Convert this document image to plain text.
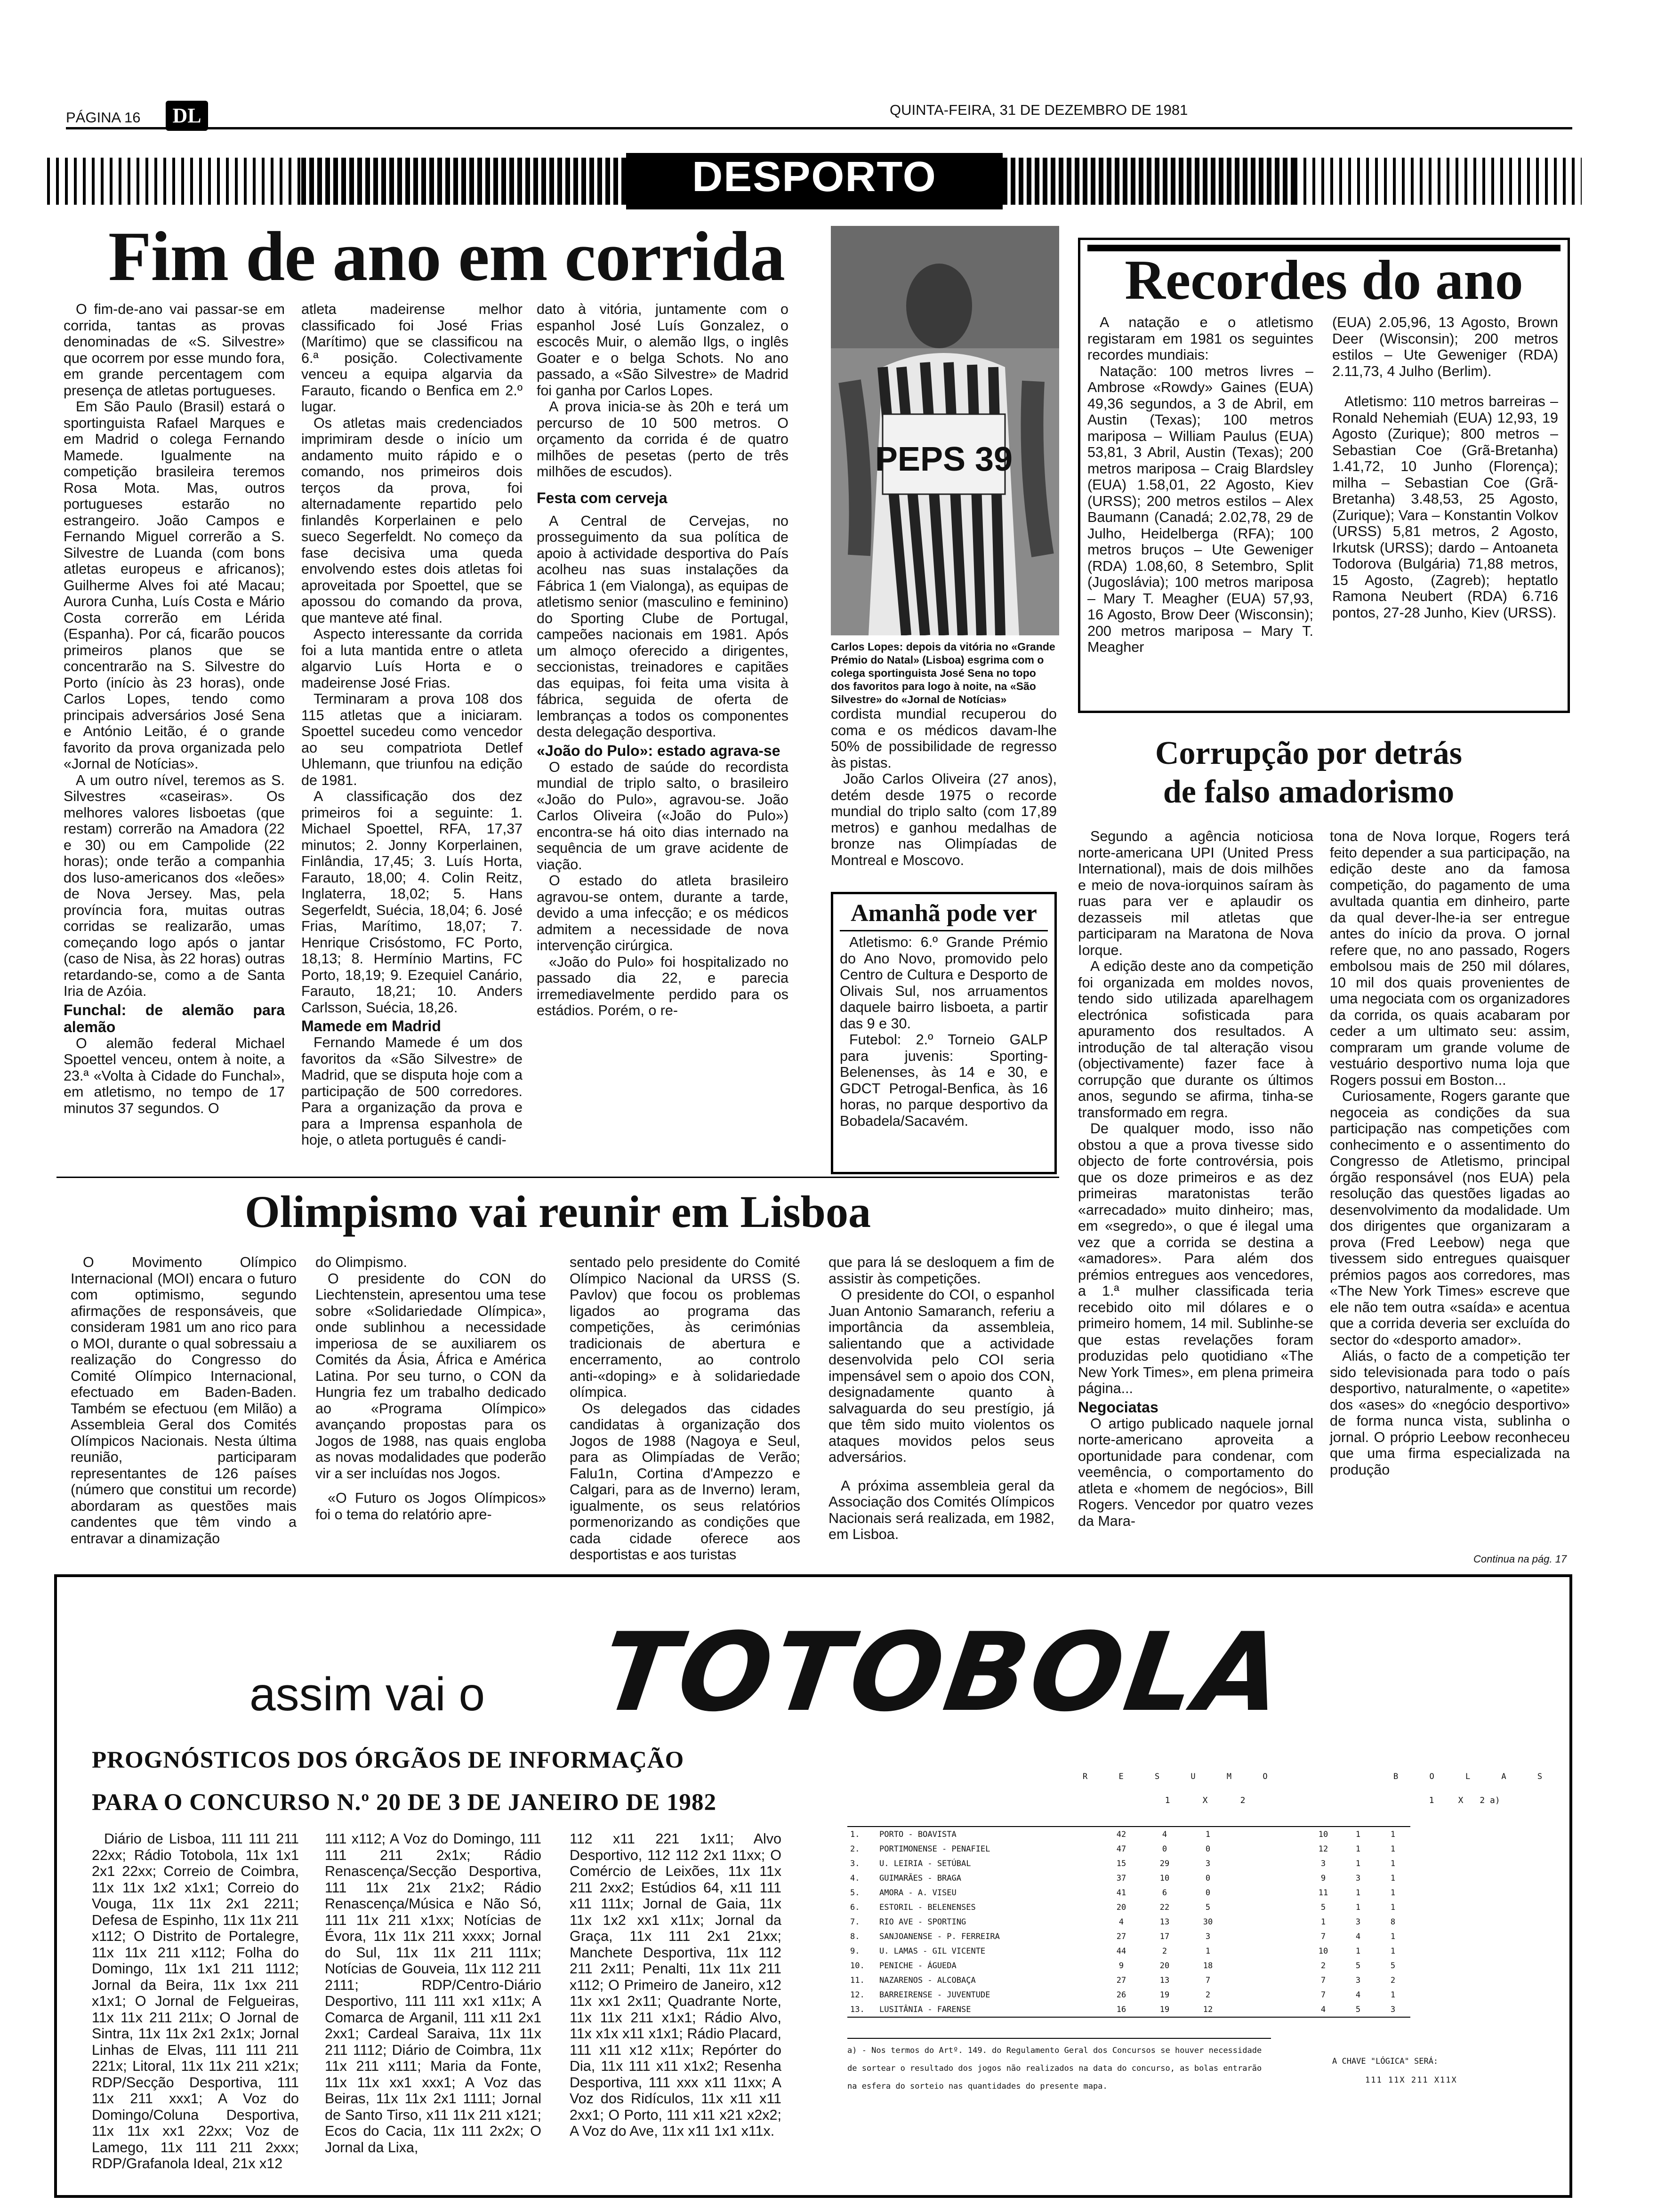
PÁGINA 16	DL	QUINTA-FEIRA, 31 DE DEZEMBRO DE 1981
DESPORTO
Fim de ano em corrida

O fim-de-ano vai passar-se em corrida, tantas as provas denominadas de «S. Silvestre» que ocorrem por esse mundo fora, em grande percentagem com presença de atletas portugueses.

Em São Paulo (Brasil) estará o sportinguista Rafael Marques e em Madrid o colega Fernando Mamede. Igualmente na competição brasileira teremos Rosa Mota. Mas, outros portugueses estarão no estrangeiro. João Campos e Fernando Miguel correrão a S. Silvestre de Luanda (com bons atletas europeus e africanos); Guilherme Alves foi até Macau; Aurora Cunha, Luís Costa e Mário Costa correrão em Lérida (Espanha). Por cá, ficarão poucos primeiros planos que se concentrarão na S. Silvestre do Porto (início às 23 horas), onde Carlos Lopes, tendo como principais adversários José Sena e António Leitão, é o grande favorito da prova organizada pelo «Jornal de Notícias».

A um outro nível, teremos as S. Silvestres «caseiras». Os melhores valores lisboetas (que restam) correrão na Amadora (22 e 30) ou em Campolide (22 horas); onde terão a companhia dos luso-americanos dos «leões» de Nova Jersey. Mas, pela província fora, muitas outras corridas se realizarão, umas começando logo após o jantar (caso de Nisa, às 22 horas) outras retardando-se, como a de Santa Iria de Azóia.

Funchal: de alemão para alemão

O alemão federal Michael Spoettel venceu, ontem à noite, a 23.ª «Volta à Cidade do Funchal», em atletismo, no tempo de 17 minutos 37 segundos. O

atleta madeirense melhor classificado foi José Frias (Marítimo) que se classificou na 6.ª posição. Colectivamente venceu a equipa algarvia da Farauto, ficando o Benfica em 2.º lugar.

Os atletas mais credenciados imprimiram desde o início um andamento muito rápido e o comando, nos primeiros dois terços da prova, foi alternadamente repartido pelo finlandês Korperlainen e pelo sueco Segerfeldt. No começo da fase decisiva uma queda envolvendo estes dois atletas foi aproveitada por Spoettel, que se apossou do comando da prova, que manteve até final.

Aspecto interessante da corrida foi a luta mantida entre o atleta algarvio Luís Horta e o madeirense José Frias.

Terminaram a prova 108 dos 115 atletas que a iniciaram. Spoettel sucedeu como vencedor ao seu compatriota Detlef Uhlemann, que triunfou na edição de 1981.

A classificação dos dez primeiros foi a seguinte: 1. Michael Spoettel, RFA, 17,37 minutos; 2. Jonny Korperlainen, Finlândia, 17,45; 3. Luís Horta, Farauto, 18,00; 4. Colin Reitz, Inglaterra, 18,02; 5. Hans Segerfeldt, Suécia, 18,04; 6. José Frias, Marítimo, 18,07; 7. Henrique Crisóstomo, FC Porto, 18,13; 8. Hermínio Martins, FC Porto, 18,19; 9. Ezequiel Canário, Farauto, 18,21; 10. Anders Carlsson, Suécia, 18,26.

Mamede em Madrid

Fernando Mamede é um dos favoritos da «São Silvestre» de Madrid, que se disputa hoje com a participação de 500 corredores. Para a organização da prova e para a Imprensa espanhola de hoje, o atleta português é candi-

dato à vitória, juntamente com o espanhol José Luís Gonzalez, o escocês Muir, o alemão Ilgs, o inglês Goater e o belga Schots. No ano passado, a «São Silvestre» de Madrid foi ganha por Carlos Lopes.

A prova inicia-se às 20h e terá um percurso de 10 500 metros. O orçamento da corrida é de quatro milhões de pesetas (perto de três milhões de escudos).

Festa com cerveja

A Central de Cervejas, no prosseguimento da sua política de apoio à actividade desportiva do País acolheu nas suas instalações da Fábrica 1 (em Vialonga), as equipas de atletismo senior (masculino e feminino) do Sporting Clube de Portugal, campeões nacionais em 1981. Após um almoço oferecido a dirigentes, seccionistas, treinadores e capitães das equipas, foi feita uma visita à fábrica, seguida de oferta de lembranças a todos os componentes desta delegação desportiva.

«João do Pulo»: estado agrava-se

O estado de saúde do recordista mundial de triplo salto, o brasileiro «João do Pulo», agravou-se. João Carlos Oliveira («João do Pulo») encontra-se há oito dias internado na sequência de um grave acidente de viação.

O estado do atleta brasileiro agravou-se ontem, durante a tarde, devido a uma infecção; e os médicos admitem a necessidade de nova intervenção cirúrgica.

«João do Pulo» foi hospitalizado no passado dia 22, e parecia irremediavelmente perdido para os estádios. Porém, o re-

PEPS 39
Carlos Lopes: depois da vitória no «Grande Prémio do Natal» (Lisboa) esgrima com o colega sportinguista José Sena no topo dos favoritos para logo à noite, na «São Silvestre» do «Jornal de Notícias»

cordista mundial recuperou do coma e os médicos davam-lhe 50% de possibilidade de regresso às pistas.

João Carlos Oliveira (27 anos), detém desde 1975 o recorde mundial do triplo salto (com 17,89 metros) e ganhou medalhas de bronze nas Olimpíadas de Montreal e Moscovo.

Amanhã pode ver
Atletismo: 6.º Grande Prémio do Ano Novo, promovido pelo Centro de Cultura e Desporto de Olivais Sul, nos arruamentos daquele bairro lisboeta, a partir das 9 e 30.
Futebol: 2.º Torneio GALP para juvenis: Sporting-Belenenses, às 14 e 30, e GDCT Petrogal-Benfica, às 16 horas, no parque desportivo da Bobadela/Sacavém.
Recordes do ano

A natação e o atletismo registaram em 1981 os seguintes recordes mundiais:

Natação: 100 metros livres – Ambrose «Rowdy» Gaines (EUA) 49,36 segundos, a 3 de Abril, em Austin (Texas); 100 metros mariposa – William Paulus (EUA) 53,81, 3 Abril, Austin (Texas); 200 metros mariposa – Craig Blardsley (EUA) 1.58,01, 22 Agosto, Kiev (URSS); 200 metros estilos – Alex Baumann (Canadá; 2.02,78, 29 de Julho, Heidelberga (RFA); 100 metros bruços – Ute Geweniger (RDA) 1.08,60, 8 Setembro, Split (Jugoslávia); 100 metros mariposa – Mary T. Meagher (EUA) 57,93, 16 Agosto, Brow Deer (Wisconsin); 200 metros mariposa – Mary T. Meagher

(EUA) 2.05,96, 13 Agosto, Brown Deer (Wisconsin); 200 metros estilos – Ute Geweniger (RDA) 2.11,73, 4 Julho (Berlim).

Atletismo: 110 metros barreiras – Ronald Nehemiah (EUA) 12,93, 19 Agosto (Zurique); 800 metros – Sebastian Coe (Grã-Bretanha) 1.41,72, 10 Junho (Florença); milha – Sebastian Coe (Grã-Bretanha) 3.48,53, 25 Agosto, (Zurique); Vara – Konstantin Volkov (URSS) 5,81 metros, 2 Agosto, Irkutsk (URSS); dardo – Antoaneta Todorova (Bulgária) 71,88 metros, 15 Agosto, (Zagreb); heptatlo Ramona Neubert (RDA) 6.716 pontos, 27-28 Junho, Kiev (URSS).

Corrupção por detrás de falso amadorismo

Segundo a agência noticiosa norte-americana UPI (United Press International), mais de dois milhões e meio de nova-iorquinos saíram às ruas para ver e aplaudir os dezasseis mil atletas que participaram na Maratona de Nova Iorque.

A edição deste ano da competição foi organizada em moldes novos, tendo sido utilizada aparelhagem electrónica sofisticada para apuramento dos resultados. A introdução de tal alteração visou (objectivamente) fazer face à corrupção que durante os últimos anos, segundo se afirma, tinha-se transformado em regra.

De qualquer modo, isso não obstou a que a prova tivesse sido objecto de forte controvérsia, pois que os doze primeiros e as dez primeiras maratonistas terão «arrecadado» muito dinheiro; mas, em «segredo», o que é ilegal uma vez que a corrida se destina a «amadores». Para além dos prémios entregues aos vencedores, a 1.ª mulher classificada teria recebido oito mil dólares e o primeiro homem, 14 mil. Sublinhe-se que estas revelações foram produzidas pelo quotidiano «The New York Times», em plena primeira página...

Negociatas

O artigo publicado naquele jornal norte-americano aproveita a oportunidade para condenar, com veemência, o comportamento do atleta e «homem de negócios», Bill Rogers. Vencedor por quatro vezes da Mara-

tona de Nova Iorque, Rogers terá feito depender a sua participação, na edição deste ano da famosa competição, do pagamento de uma avultada quantia em dinheiro, parte da qual dever-lhe-ia ser entregue antes do início da prova. O jornal refere que, no ano passado, Rogers embolsou mais de 250 mil dólares, 10 mil dos quais provenientes de uma negociata com os organizadores da corrida, os quais acabaram por ceder a um ultimato seu: assim, compraram um grande volume de vestuário desportivo numa loja que Rogers possui em Boston...

Curiosamente, Rogers garante que negoceia as condições da sua participação nas competições com conhecimento e o assentimento do Congresso de Atletismo, principal órgão responsável (nos EUA) pela resolução das questões ligadas ao desenvolvimento da modalidade. Um dos dirigentes que organizaram a prova (Fred Leebow) nega que tivessem sido entregues quaisquer prémios pagos aos corredores, mas «The New York Times» escreve que ele não tem outra «saída» e acentua que a corrida deveria ser excluída do sector do «desporto amador».

Aliás, o facto de a competição ter sido televisionada para todo o país desportivo, naturalmente, o «apetite» dos «ases» do «negócio desportivo» de forma nunca vista, sublinha o jornal. O próprio Leebow reconheceu que uma firma especializada na produção

Continua na pág. 17
Olimpismo vai reunir em Lisboa

O Movimento Olímpico Internacional (MOI) encara o futuro com optimismo, segundo afirmações de responsáveis, que consideram 1981 um ano rico para o MOI, durante o qual sobressaiu a realização do Congresso do Comité Olímpico Internacional, efectuado em Baden-Baden. Também se efectuou (em Milão) a Assembleia Geral dos Comités Olímpicos Nacionais. Nesta última reunião, participaram representantes de 126 países (número que constitui um recorde) abordaram as questões mais candentes que têm vindo a entravar a dinamização

do Olimpismo.

O presidente do CON do Liechtenstein, apresentou uma tese sobre «Solidariedade Olímpica», onde sublinhou a necessidade imperiosa de se auxiliarem os Comités da Ásia, África e América Latina. Por seu turno, o CON da Hungria fez um trabalho dedicado ao «Programa Olímpico» avançando propostas para os Jogos de 1988, nas quais engloba as novas modalidades que poderão vir a ser incluídas nos Jogos.

«O Futuro os Jogos Olímpicos» foi o tema do relatório apre-

sentado pelo presidente do Comité Olímpico Nacional da URSS (S. Pavlov) que focou os problemas ligados ao programa das competições, às cerimónias tradicionais de abertura e encerramento, ao controlo anti-«doping» e à solidariedade olímpica.

Os delegados das cidades candidatas à organização dos Jogos de 1988 (Nagoya e Seul, para as Olimpíadas de Verão; Falu1n, Cortina d'Ampezzo e Calgari, para as de Inverno) leram, igualmente, os seus relatórios pormenorizando as condições que cada cidade oferece aos desportistas e aos turistas

que para lá se desloquem a fim de assistir às competições.

O presidente do COI, o espanhol Juan Antonio Samaranch, referiu a importância da assembleia, salientando que a actividade desenvolvida pelo COI seria impensável sem o apoio dos CON, designadamente quanto à salvaguarda do seu prestígio, já que têm sido muito violentos os ataques movidos pelos seus adversários.

A próxima assembleia geral da Associação dos Comités Olímpicos Nacionais será realizada, em 1982, em Lisboa.

assim vai o TOTOBOLA
PROGNÓSTICOS DOS ÓRGÃOS DE INFORMAÇÃO
PARA O CONCURSO N.º 20 DE 3 DE JANEIRO DE 1982

Diário de Lisboa, 111 111 211 22xx; Rádio Totobola, 11x 1x1 2x1 22xx; Correio de Coimbra, 11x 11x 1x2 x1x1; Correio do Vouga, 11x 11x 2x1 2211; Defesa de Espinho, 11x 11x 211 x112; O Distrito de Portalegre, 11x 11x 211 x112; Folha do Domingo, 11x 1x1 211 1112; Jornal da Beira, 11x 1xx 211 x1x1; O Jornal de Felgueiras, 11x 11x 211 211x; O Jornal de Sintra, 11x 11x 2x1 2x1x; Jornal Linhas de Elvas, 111 111 211 221x; Litoral, 11x 11x 211 x21x; RDP/Secção Desportiva, 111 11x 211 xxx1; A Voz do Domingo/Coluna Desportiva, 11x 11x xx1 22xx; Voz de Lamego, 11x 111 211 2xxx; RDP/Grafanola Ideal, 21x x12

111 x112; A Voz do Domingo, 111 111 211 2x1x; Rádio Renascença/Secção Desportiva, 111 11x 21x 21x2; Rádio Renascença/Música e Não Só, 111 11x 211 x1xx; Notícias de Évora, 11x 11x 211 xxxx; Jornal do Sul, 11x 11x 211 111x; Notícias de Gouveia, 11x 112 211 2111; RDP/Centro-Diário Desportivo, 111 111 xx1 x11x; A Comarca de Arganil, 111 x11 2x1 2xx1; Cardeal Saraiva, 11x 11x 211 1112; Diário de Coimbra, 11x 11x 211 x111; Maria da Fonte, 11x 11x xx1 xxx1; A Voz das Beiras, 11x 11x 2x1 1111; Jornal de Santo Tirso, x11 11x 211 x121; Ecos do Cacia, 11x 111 2x2x; O Jornal da Lixa,

112 x11 221 1x11; Alvo Desportivo, 112 112 2x1 11xx; O Comércio de Leixões, 11x 11x 211 2xx2; Estúdios 64, x11 111 x11 111x; Jornal de Gaia, 11x 11x 1x2 xx1 x11x; Jornal da Graça, 11x 111 2x1 21xx; Manchete Desportiva, 11x 112 211 2x11; Penalti, 11x 11x 211 x112; O Primeiro de Janeiro, x12 11x xx1 2x11; Quadrante Norte, 11x 11x 211 x1x1; Rádio Alvo, 11x x1x x11 x1x1; Rádio Placard, 111 x11 x12 x11x; Repórter do Dia, 11x 111 x11 x1x2; Resenha Desportiva, 111 xxx x11 11xx; A Voz dos Ridículos, 11x x11 x11 2xx1; O Porto, 111 x11 x21 x2x2; A Voz do Ave, 11x x11 1x1 x11x.

R E S U M O	B O L A S
1	X	2	1	X 2 a)
1.	PORTO - BOAVISTA		42	4	1		10	1	1
2.	PORTIMONENSE - PENAFIEL		47	0	0		12	1	1
3.	U. LEIRIA - SETÚBAL		15	29	3		3	1	1
4.	GUIMARÃES - BRAGA		37	10	0		9	3	1
5.	AMORA - A. VISEU		41	6	0		11	1	1
6.	ESTORIL - BELENENSES		20	22	5		5	1	1
7.	RIO AVE - SPORTING		4	13	30		1	3	8
8.	SANJOANENSE - P. FERREIRA		27	17	3		7	4	1
9.	U. LAMAS - GIL VICENTE		44	2	1		10	1	1
10.	PENICHE - ÁGUEDA		9	20	18		2	5	5
11.	NAZARENOS - ALCOBAÇA		27	13	7		7	3	2
12.	BARREIRENSE - JUVENTUDE		26	19	2		7	4	1
13.	LUSITÂNIA - FARENSE		16	19	12		4	5	3
a) - Nos termos do Artº. 149. do Regulamento Geral dos Concursos se houver necessidade de sortear o resultado dos jogos não realizados na data do concurso, as bolas entrarão na esfera do sorteio nas quantidades do presente mapa.
A CHAVE "LÓGICA" SERÁ:
111 11X 211 X11X
